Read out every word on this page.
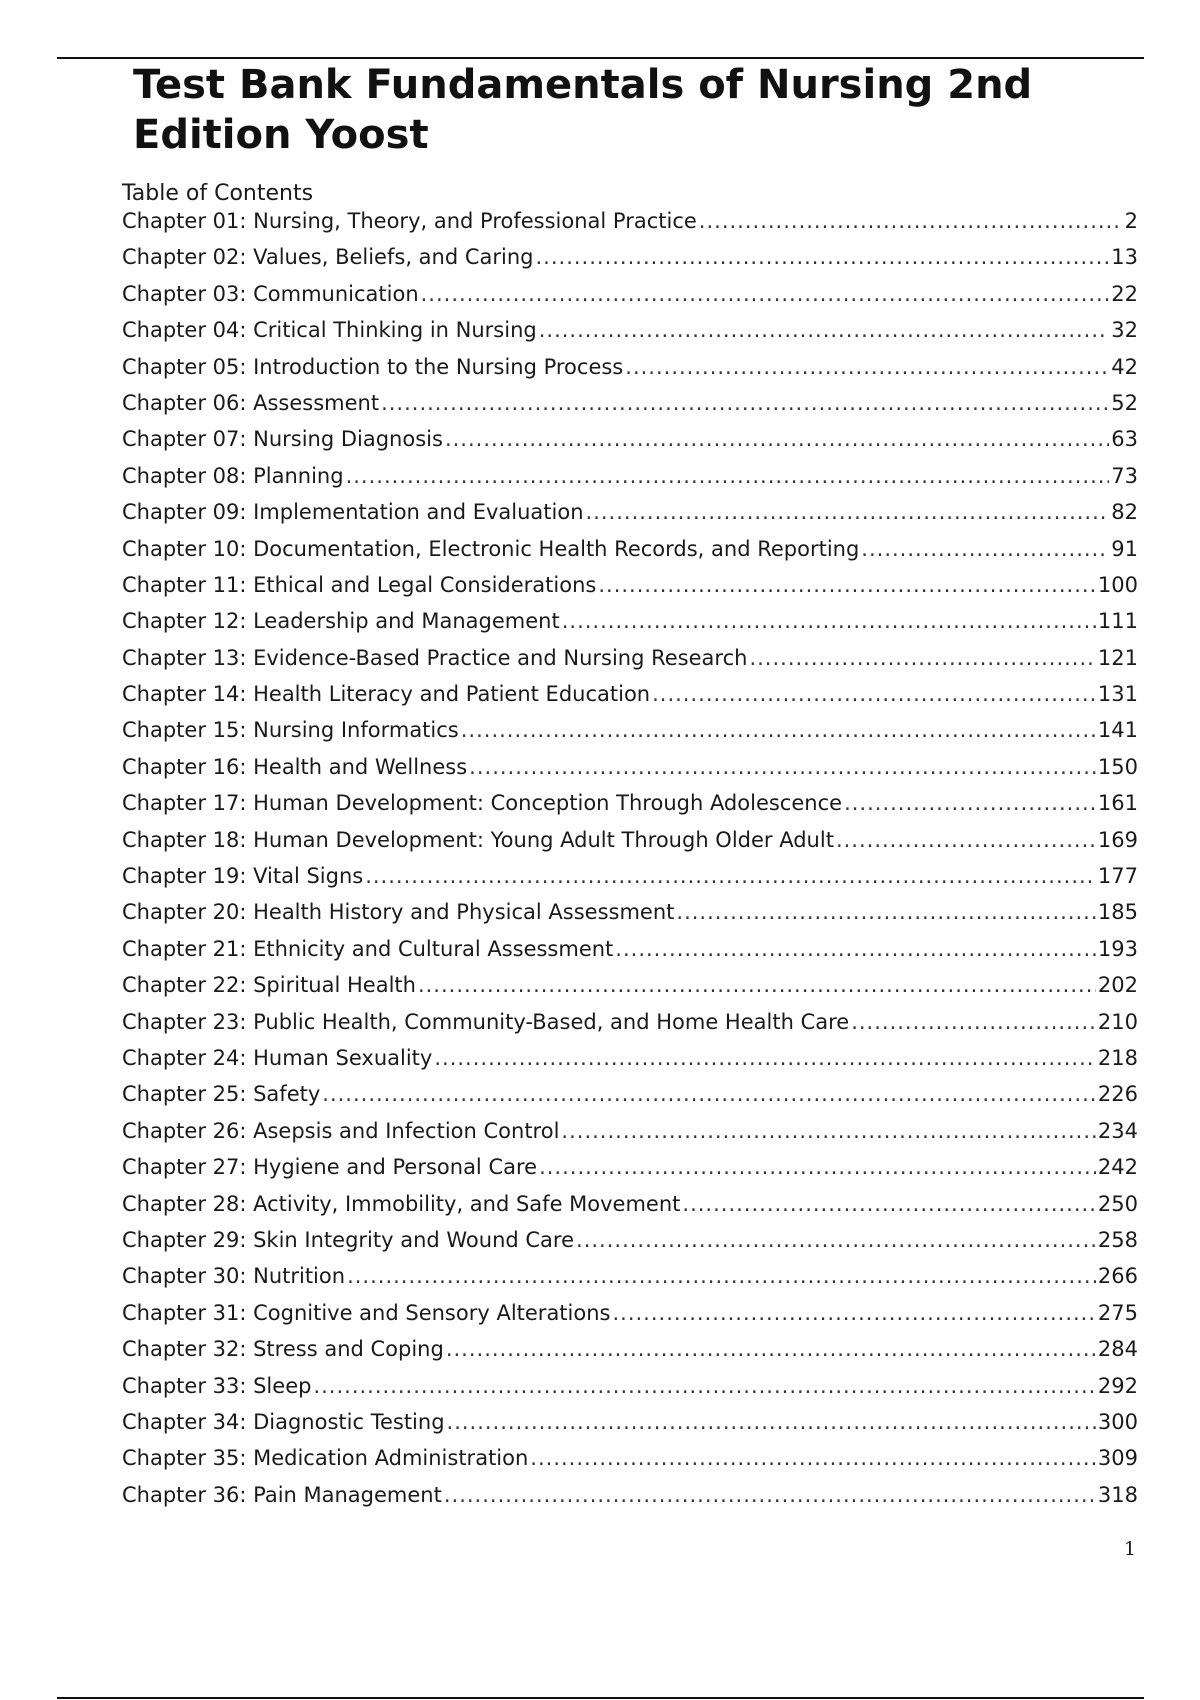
Test Bank Fundamentals of Nursing 2nd Edition Yoost
Table of Contents
Chapter 01: Nursing, Theory, and Professional Practice .....	2
Chapter 02: Values, Beliefs, and Caring .....	13
Chapter 03: Communication .....	22
Chapter 04: Critical Thinking in Nursing .....	32
Chapter 05: Introduction to the Nursing Process .....	42
Chapter 06: Assessment .....	52
Chapter 07: Nursing Diagnosis .....	63
Chapter 08: Planning .....	73
Chapter 09: Implementation and Evaluation .....	82
Chapter 10: Documentation, Electronic Health Records, and Reporting .....	91
Chapter 11: Ethical and Legal Considerations .....	100
Chapter 12: Leadership and Management .....	111
Chapter 13: Evidence-Based Practice and Nursing Research .....	121
Chapter 14: Health Literacy and Patient Education .....	131
Chapter 15: Nursing Informatics .....	141
Chapter 16: Health and Wellness .....	150
Chapter 17: Human Development: Conception Through Adolescence .....	161
Chapter 18: Human Development: Young Adult Through Older Adult .....	169
Chapter 19: Vital Signs .....	177
Chapter 20: Health History and Physical Assessment .....	185
Chapter 21: Ethnicity and Cultural Assessment .....	193
Chapter 22: Spiritual Health .....	202
Chapter 23: Public Health, Community-Based, and Home Health Care .....	210
Chapter 24: Human Sexuality .....	218
Chapter 25: Safety .....	226
Chapter 26: Asepsis and Infection Control .....	234
Chapter 27: Hygiene and Personal Care .....	242
Chapter 28: Activity, Immobility, and Safe Movement .....	250
Chapter 29: Skin Integrity and Wound Care .....	258
Chapter 30: Nutrition .....	266
Chapter 31: Cognitive and Sensory Alterations .....	275
Chapter 32: Stress and Coping .....	284
Chapter 33: Sleep .....	292
Chapter 34: Diagnostic Testing .....	300
Chapter 35: Medication Administration .....	309
Chapter 36: Pain Management .....	318
1
